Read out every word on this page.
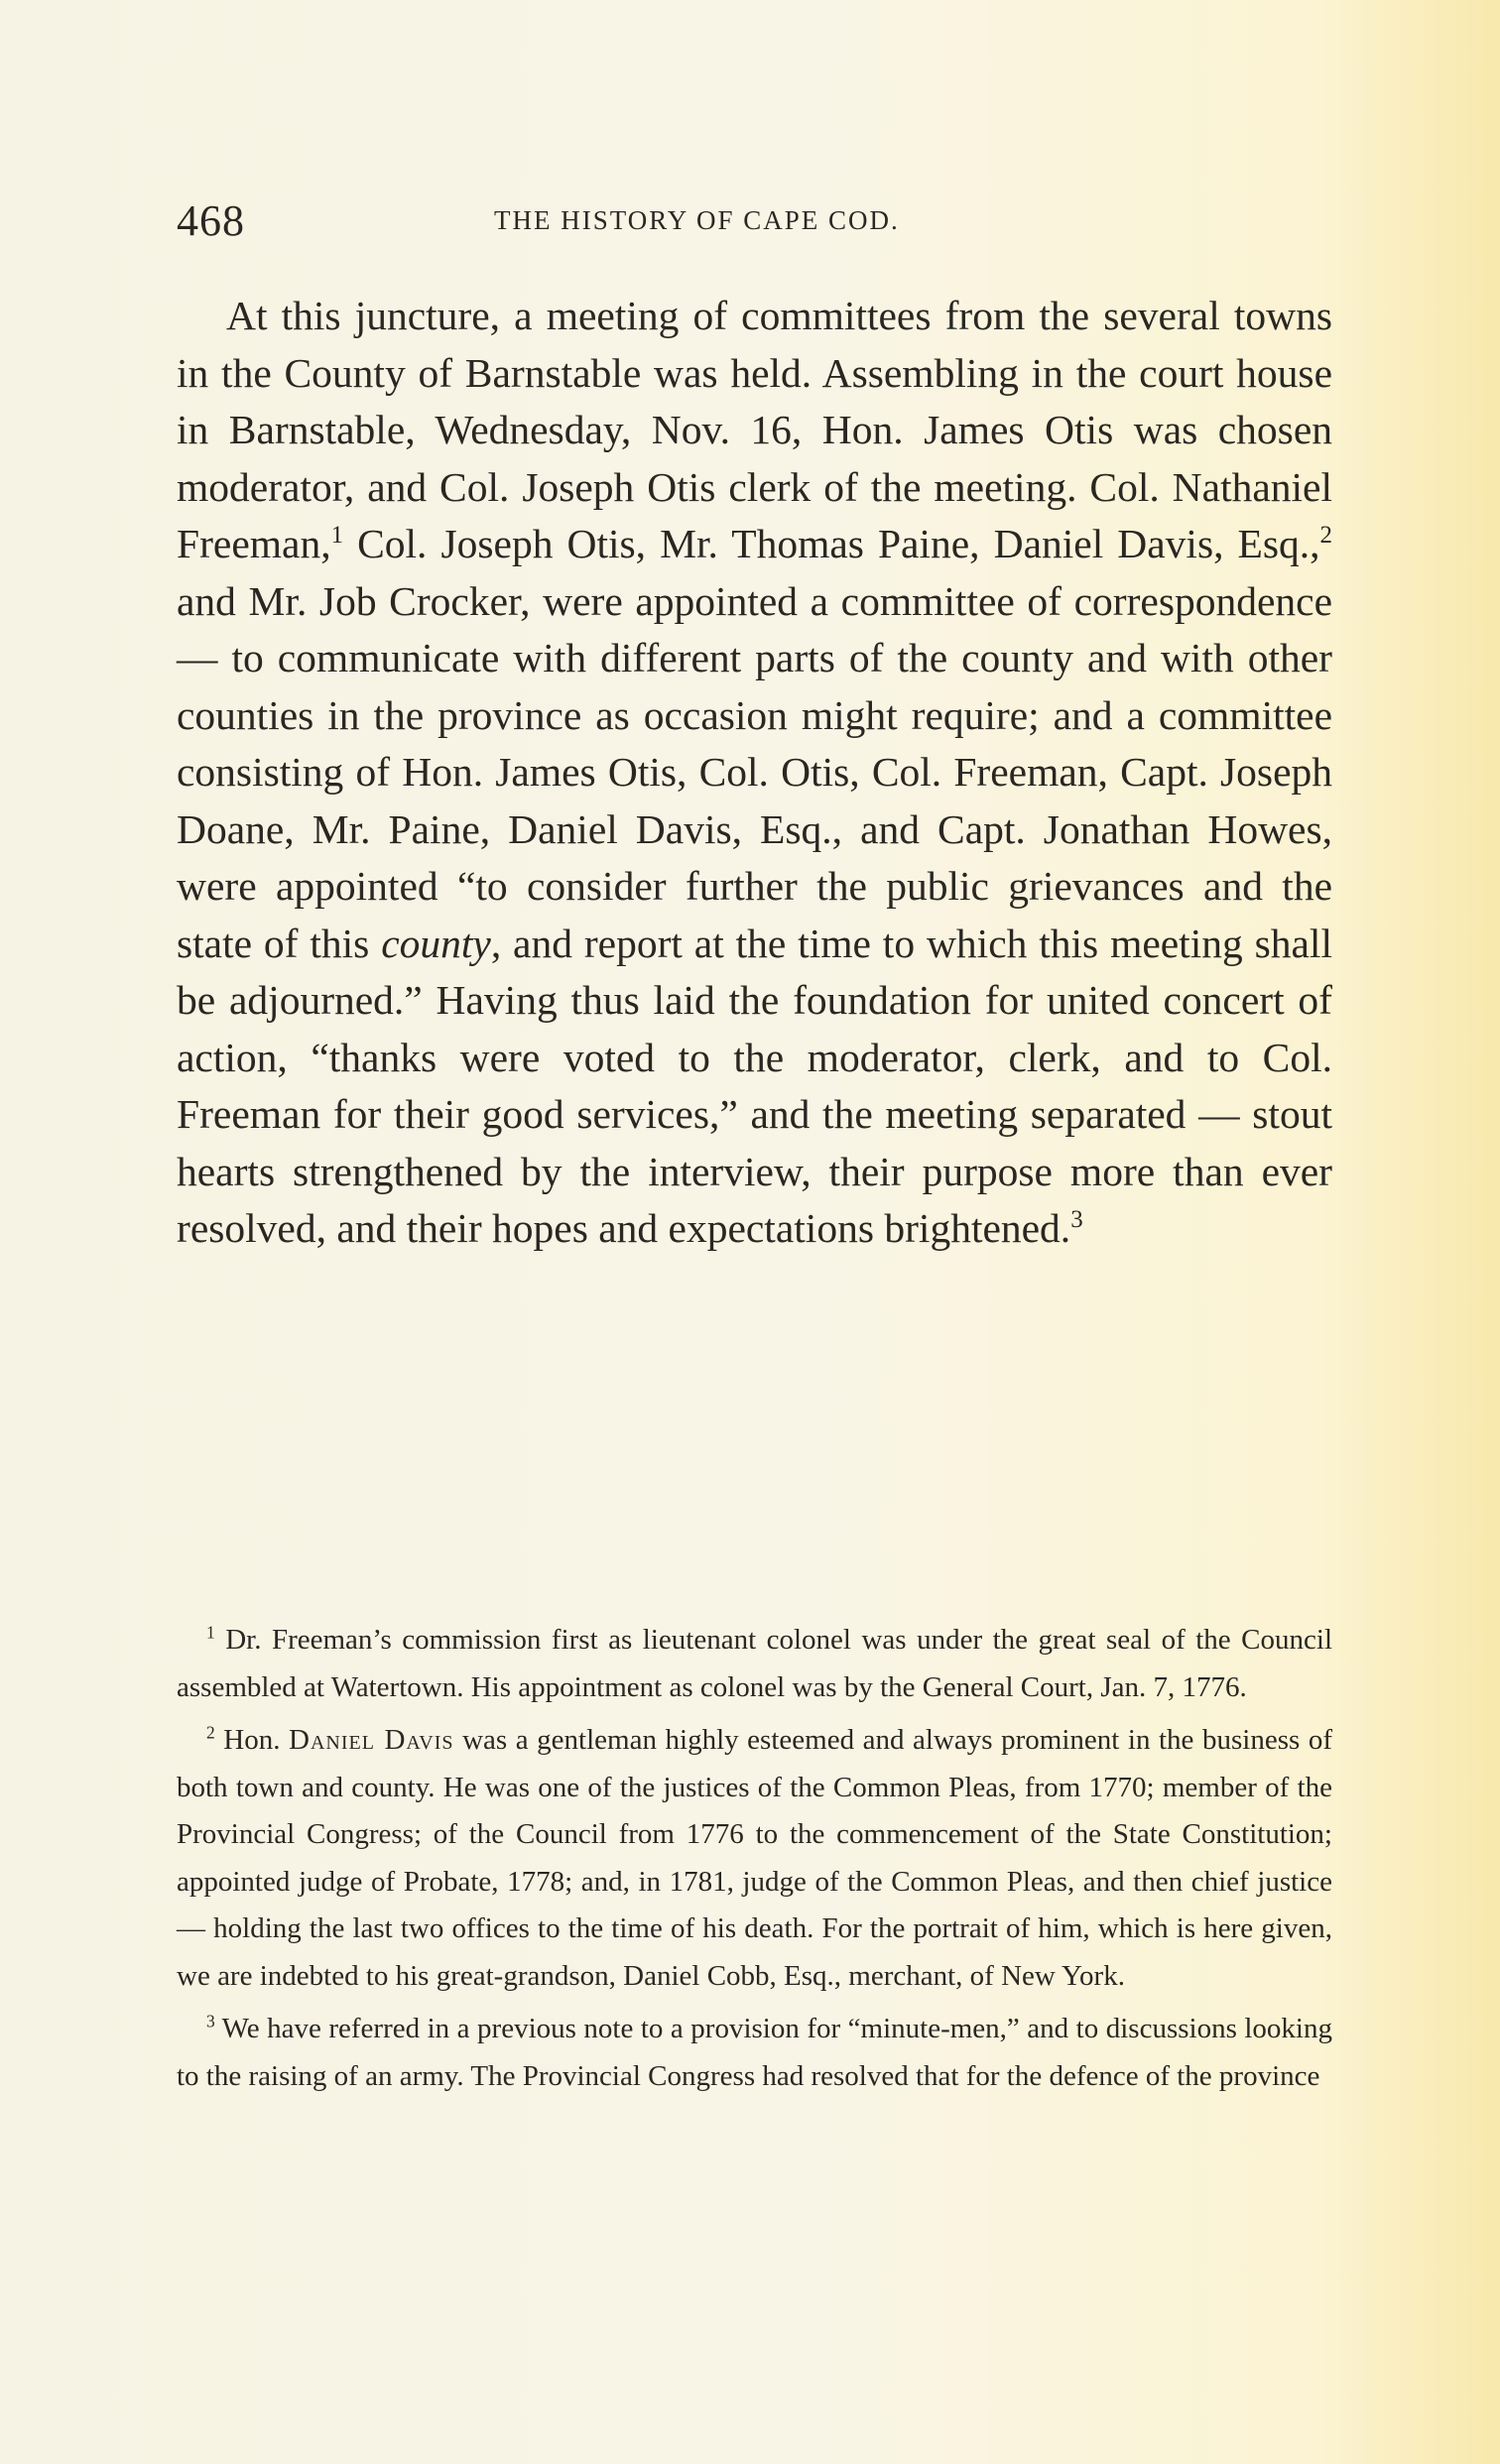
468	THE HISTORY OF CAPE COD.

At this juncture, a meeting of committees from the several towns in the County of Barnstable was held. Assembling in the court house in Barnstable, Wednesday, Nov. 16, Hon. James Otis was chosen moderator, and Col. Joseph Otis clerk of the meeting. Col. Nathaniel Freeman,$^1$ Col. Joseph Otis, Mr. Thomas Paine, Daniel Davis, Esq.,$^2$ and Mr. Job Crocker, were appointed a committee of correspondence — to communicate with different parts of the county and with other counties in the province as occasion might require; and a committee consisting of Hon. James Otis, Col. Otis, Col. Freeman, Capt. Joseph Doane, Mr. Paine, Daniel Davis, Esq., and Capt. Jonathan Howes, were appointed “to consider further the public grievances and the state of this county, and report at the time to which this meeting shall be adjourned.” Having thus laid the foundation for united concert of action, “thanks were voted to the moderator, clerk, and to Col. Freeman for their good services,” and the meeting separated — stout hearts strengthened by the interview, their purpose more than ever resolved, and their hopes and expectations brightened.$^3$

$^1$ Dr. Freeman’s commission first as lieutenant colonel was under the great seal of the Council assembled at Watertown. His appointment as colonel was by the General Court, Jan. 7, 1776.

$^2$ Hon. Daniel Davis was a gentleman highly esteemed and always prominent in the business of both town and county. He was one of the justices of the Common Pleas, from 1770; member of the Provincial Congress; of the Council from 1776 to the commencement of the State Constitution; appointed judge of Probate, 1778; and, in 1781, judge of the Common Pleas, and then chief justice — holding the last two offices to the time of his death. For the portrait of him, which is here given, we are indebted to his great-grandson, Daniel Cobb, Esq., merchant, of New York.

$^3$ We have referred in a previous note to a provision for “minute-men,” and to discussions looking to the raising of an army. The Provincial Congress had resolved that for the defence of the province
